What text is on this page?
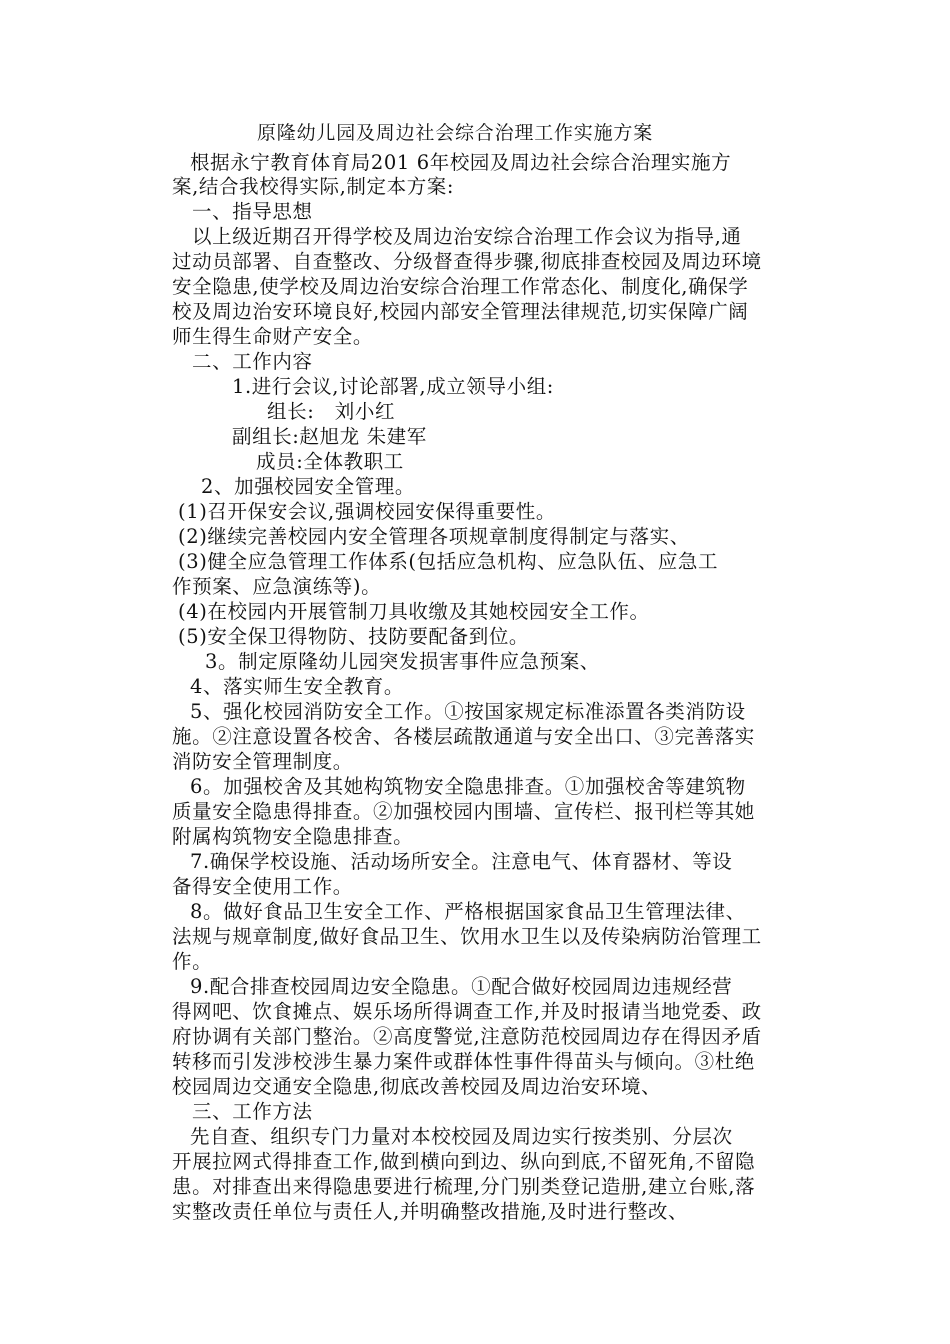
原隆幼儿园及周边社会综合治理工作实施方案
根据永宁教育体育局201 6年校园及周边社会综合治理实施方
案,结合我校得实际,制定本方案:
一、指导思想
以上级近期召开得学校及周边治安综合治理工作会议为指导,通
过动员部署、自查整改、分级督查得步骤,彻底排查校园及周边环境
安全隐患,使学校及周边治安综合治理工作常态化、制度化,确保学
校及周边治安环境良好,校园内部安全管理法律规范,切实保障广阔
师生得生命财产安全。
二、工作内容
1.进行会议,讨论部署,成立领导小组:
组长:   刘小红
副组长:赵旭龙 朱建军
成员:全体教职工
2、加强校园安全管理。
(1)召开保安会议,强调校园安保得重要性。
(2)继续完善校园内安全管理各项规章制度得制定与落实、
(3)健全应急管理工作体系(包括应急机构、应急队伍、应急工
作预案、应急演练等)。
(4)在校园内开展管制刀具收缴及其她校园安全工作。
(5)安全保卫得物防、技防要配备到位。
3。制定原隆幼儿园突发损害事件应急预案、
4、落实师生安全教育。
5、强化校园消防安全工作。①按国家规定标准添置各类消防设
施。②注意设置各校舍、各楼层疏散通道与安全出口、③完善落实
消防安全管理制度。
6。加强校舍及其她构筑物安全隐患排查。①加强校舍等建筑物
质量安全隐患得排查。②加强校园内围墙、宣传栏、报刊栏等其她
附属构筑物安全隐患排查。
7.确保学校设施、活动场所安全。注意电气、体育器材、等设
备得安全使用工作。
8。做好食品卫生安全工作、严格根据国家食品卫生管理法律、
法规与规章制度,做好食品卫生、饮用水卫生以及传染病防治管理工
作。
9.配合排查校园周边安全隐患。①配合做好校园周边违规经营
得网吧、饮食摊点、娱乐场所得调查工作,并及时报请当地党委、政
府协调有关部门整治。②高度警觉,注意防范校园周边存在得因矛盾
转移而引发涉校涉生暴力案件或群体性事件得苗头与倾向。③杜绝
校园周边交通安全隐患,彻底改善校园及周边治安环境、
三、工作方法
先自查、组织专门力量对本校校园及周边实行按类别、分层次
开展拉网式得排查工作,做到横向到边、纵向到底,不留死角,不留隐
患。对排查出来得隐患要进行梳理,分门别类登记造册,建立台账,落
实整改责任单位与责任人,并明确整改措施,及时进行整改、
